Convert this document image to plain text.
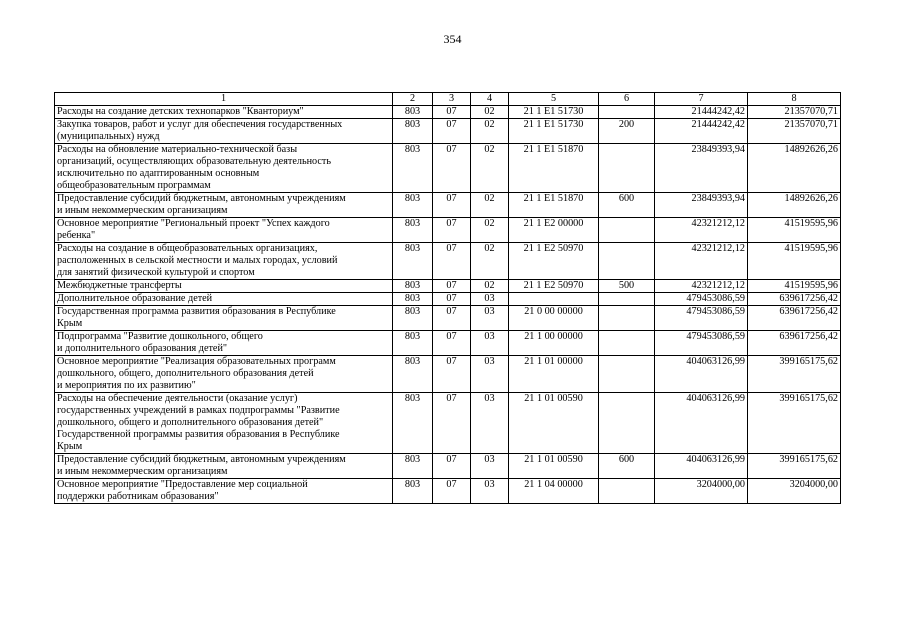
354
1	2	3	4	5	6	7	8
Расходы на создание детских технопарков "Кванториум"	803	07	02	21 1 E1 51730		21444242,42	21357070,71
Закупка товаров, работ и услуг для обеспечения государственных
(муниципальных) нужд	803	07	02	21 1 E1 51730	200	21444242,42	21357070,71
Расходы на обновление материально-технической базы
организаций, осуществляющих образовательную деятельность
исключительно по адаптированным основным
общеобразовательным программам	803	07	02	21 1 E1 51870		23849393,94	14892626,26
Предоставление субсидий бюджетным, автономным учреждениям
и иным некоммерческим организациям	803	07	02	21 1 E1 51870	600	23849393,94	14892626,26
Основное мероприятие "Региональный проект "Успех каждого
ребенка"	803	07	02	21 1 E2 00000		42321212,12	41519595,96
Расходы на создание в общеобразовательных организациях,
расположенных в сельской местности и малых городах, условий
для занятий физической культурой и спортом	803	07	02	21 1 E2 50970		42321212,12	41519595,96
Межбюджетные трансферты	803	07	02	21 1 E2 50970	500	42321212,12	41519595,96
Дополнительное образование детей	803	07	03			479453086,59	639617256,42
Государственная программа развития образования в Республике
Крым	803	07	03	21 0 00 00000		479453086,59	639617256,42
Подпрограмма "Развитие дошкольного, общего
и дополнительного образования детей"	803	07	03	21 1 00 00000		479453086,59	639617256,42
Основное мероприятие "Реализация образовательных программ
дошкольного, общего, дополнительного образования детей
и мероприятия по их развитию"	803	07	03	21 1 01 00000		404063126,99	399165175,62
Расходы на обеспечение деятельности (оказание услуг)
государственных учреждений в рамках подпрограммы "Развитие
дошкольного, общего и дополнительного образования детей"
Государственной программы развития образования в Республике
Крым	803	07	03	21 1 01 00590		404063126,99	399165175,62
Предоставление субсидий бюджетным, автономным учреждениям
и иным некоммерческим организациям	803	07	03	21 1 01 00590	600	404063126,99	399165175,62
Основное мероприятие "Предоставление мер социальной
поддержки работникам образования"	803	07	03	21 1 04 00000		3204000,00	3204000,00
